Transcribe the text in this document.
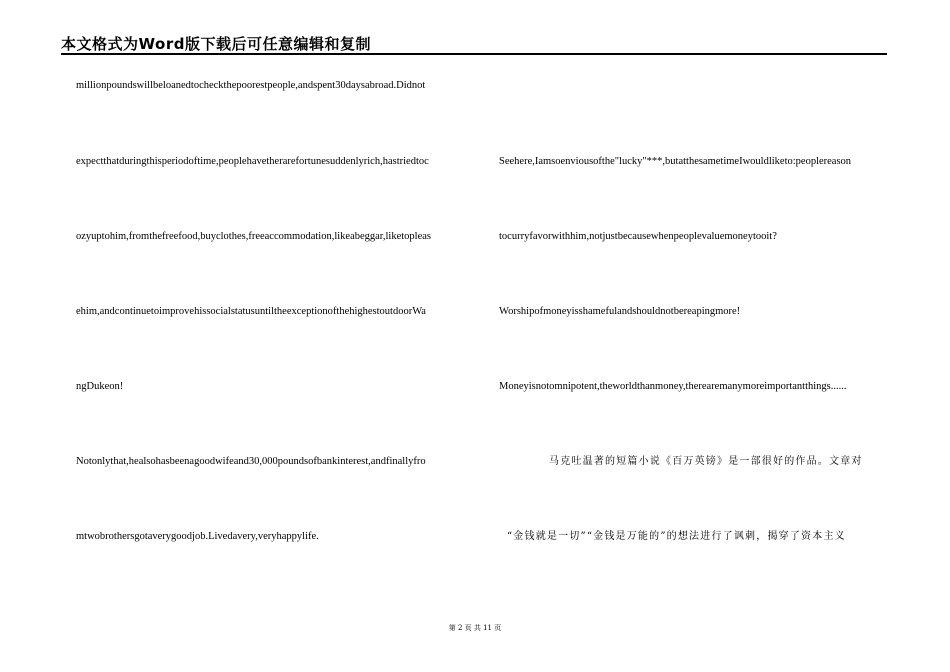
本文格式为Word版下载后可任意编辑和复制
millionpoundswillbeloanedtocheckthepoorestpeople,andspent30daysabroad.Didnot
expectthatduringthisperiodoftime,peoplehavetherarefortunesuddenlyrich,hastriedtoc
ozyuptohim,fromthefreefood,buyclothes,freeaccommodation,likeabeggar,liketopleas
ehim,andcontinuetoimprovehissocialstatusuntiltheexceptionofthehighestoutdoorWa
ngDukeon!
Notonlythat,healsohasbeenagoodwifeand30,000poundsofbankinterest,andfinallyfro
mtwobrothersgotaverygoodjob.Livedavery,veryhappylife.
Seehere,Iamsoenviousofthe"lucky"***,butatthesametimeIwouldliketo:peoplereason
tocurryfavorwithhim,notjustbecausewhenpeoplevaluemoneytooit?
Worshipofmoneyisshamefulandshouldnotbereapingmore!
Moneyisnotomnipotent,theworldthanmoney,therearemanymoreimportantthings......
马克吐温著的短篇小说《百万英镑》是一部很好的作品。文章对
“金钱就是一切”“金钱是万能的”的想法进行了讽刺，揭穿了资本主义
第 2 页 共 11 页
